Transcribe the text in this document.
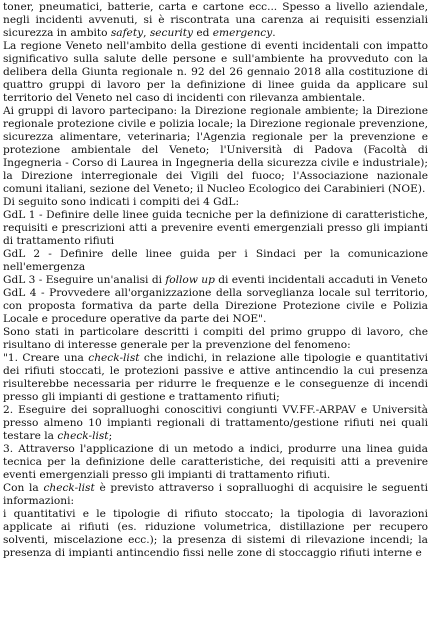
toner, pneumatici, batterie, carta e cartone ecc... Spesso a livello aziendale, negli incidenti avvenuti, si è riscontrata una carenza ai requisiti essenziali sicurezza in ambito safety, security ed emergency.

La regione Veneto nell'ambito della gestione di eventi incidentali con impatto significativo sulla salute delle persone e sull'ambiente ha provveduto con la delibera della Giunta regionale n. 92 del 26 gennaio 2018 alla costituzione di quattro gruppi di lavoro per la definizione di linee guida da applicare sul territorio del Veneto nel caso di incidenti con rilevanza ambientale.

Ai gruppi di lavoro partecipano: la Direzione regionale ambiente; la Direzione regionale protezione civile e polizia locale; la Direzione regionale prevenzione, sicurezza alimentare, veterinaria; l'Agenzia regionale per la prevenzione e protezione ambientale del Veneto; l'Università di Padova (Facoltà di Ingegneria - Corso di Laurea in Ingegneria della sicurezza civile e industriale); la Direzione interregionale dei Vigili del fuoco; l'Associazione nazionale comuni italiani, sezione del Veneto; il Nucleo Ecologico dei Carabinieri (NOE).

Di seguito sono indicati i compiti dei 4 GdL:

GdL 1 - Definire delle linee guida tecniche per la definizione di caratteristiche, requisiti e prescrizioni atti a prevenire eventi emergenziali presso gli impianti di trattamento rifiuti

GdL 2 - Definire delle linee guida per i Sindaci per la comunicazione nell'emergenza

GdL 3 - Eseguire un'analisi di follow up di eventi incidentali accaduti in Veneto

GdL 4 - Provvedere all'organizzazione della sorveglianza locale sul territorio, con proposta formativa da parte della Direzione Protezione civile e Polizia Locale e procedure operative da parte dei NOE".

Sono stati in particolare descritti i compiti del primo gruppo di lavoro, che risultano di interesse generale per la prevenzione del fenomeno:

"1. Creare una check-list che indichi, in relazione alle tipologie e quantitativi dei rifiuti stoccati, le protezioni passive e attive antincendio la cui presenza risulterebbe necessaria per ridurre le frequenze e le conseguenze di incendi presso gli impianti di gestione e trattamento rifiuti;

2. Eseguire dei sopralluoghi conoscitivi congiunti VV.FF.-ARPAV e Università presso almeno 10 impianti regionali di trattamento/gestione rifiuti nei quali testare la check-list;

3. Attraverso l'applicazione di un metodo a indici, produrre una linea guida tecnica per la definizione delle caratteristiche, dei requisiti atti a prevenire eventi emergenziali presso gli impianti di trattamento rifiuti.

Con la check-list è previsto attraverso i sopralluoghi di acquisire le seguenti informazioni:

i quantitativi e le tipologie di rifiuto stoccato; la tipologia di lavorazioni applicate ai rifiuti (es. riduzione volumetrica, distillazione per recupero solventi, miscelazione ecc.); la presenza di sistemi di rilevazione incendi; la presenza di impianti antincendio fissi nelle zone di stoccaggio rifiuti interne e
